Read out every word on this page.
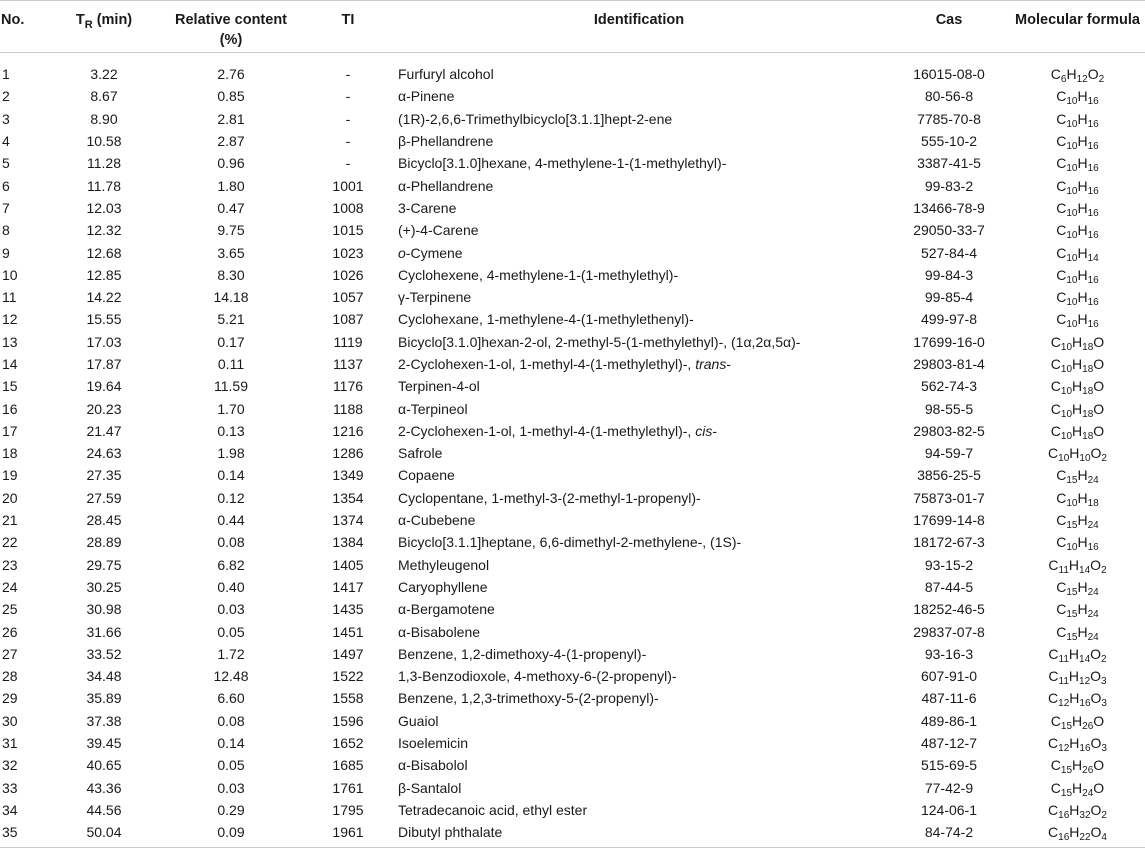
No.	$T_R$ (min)	Relative content
(%)	TI	Identification	Cas	Molecular formula
1	3.22	2.76	-	Furfuryl alcohol	16015-08-0	$C_6H_{12}O_2$
2	8.67	0.85	-	α-Pinene	80-56-8	$C_{10}H_{16}$
3	8.90	2.81	-	(1R)-2,6,6-Trimethylbicyclo[3.1.1]hept-2-ene	7785-70-8	$C_{10}H_{16}$
4	10.58	2.87	-	β-Phellandrene	555-10-2	$C_{10}H_{16}$
5	11.28	0.96	-	Bicyclo[3.1.0]hexane, 4-methylene-1-(1-methylethyl)-	3387-41-5	$C_{10}H_{16}$
6	11.78	1.80	1001	α-Phellandrene	99-83-2	$C_{10}H_{16}$
7	12.03	0.47	1008	3-Carene	13466-78-9	$C_{10}H_{16}$
8	12.32	9.75	1015	(+)-4-Carene	29050-33-7	$C_{10}H_{16}$
9	12.68	3.65	1023	o-Cymene	527-84-4	$C_{10}H_{14}$
10	12.85	8.30	1026	Cyclohexene, 4-methylene-1-(1-methylethyl)-	99-84-3	$C_{10}H_{16}$
11	14.22	14.18	1057	γ-Terpinene	99-85-4	$C_{10}H_{16}$
12	15.55	5.21	1087	Cyclohexane, 1-methylene-4-(1-methylethenyl)-	499-97-8	$C_{10}H_{16}$
13	17.03	0.17	1119	Bicyclo[3.1.0]hexan-2-ol, 2-methyl-5-(1-methylethyl)-, (1α,2α,5α)-	17699-16-0	$C_{10}H_{18}O$
14	17.87	0.11	1137	2-Cyclohexen-1-ol, 1-methyl-4-(1-methylethyl)-, trans-	29803-81-4	$C_{10}H_{18}O$
15	19.64	11.59	1176	Terpinen-4-ol	562-74-3	$C_{10}H_{18}O$
16	20.23	1.70	1188	α-Terpineol	98-55-5	$C_{10}H_{18}O$
17	21.47	0.13	1216	2-Cyclohexen-1-ol, 1-methyl-4-(1-methylethyl)-, cis-	29803-82-5	$C_{10}H_{18}O$
18	24.63	1.98	1286	Safrole	94-59-7	$C_{10}H_{10}O_2$
19	27.35	0.14	1349	Copaene	3856-25-5	$C_{15}H_{24}$
20	27.59	0.12	1354	Cyclopentane, 1-methyl-3-(2-methyl-1-propenyl)-	75873-01-7	$C_{10}H_{18}$
21	28.45	0.44	1374	α-Cubebene	17699-14-8	$C_{15}H_{24}$
22	28.89	0.08	1384	Bicyclo[3.1.1]heptane, 6,6-dimethyl-2-methylene-, (1S)-	18172-67-3	$C_{10}H_{16}$
23	29.75	6.82	1405	Methyleugenol	93-15-2	$C_{11}H_{14}O_2$
24	30.25	0.40	1417	Caryophyllene	87-44-5	$C_{15}H_{24}$
25	30.98	0.03	1435	α-Bergamotene	18252-46-5	$C_{15}H_{24}$
26	31.66	0.05	1451	α-Bisabolene	29837-07-8	$C_{15}H_{24}$
27	33.52	1.72	1497	Benzene, 1,2-dimethoxy-4-(1-propenyl)-	93-16-3	$C_{11}H_{14}O_2$
28	34.48	12.48	1522	1,3-Benzodioxole, 4-methoxy-6-(2-propenyl)-	607-91-0	$C_{11}H_{12}O_3$
29	35.89	6.60	1558	Benzene, 1,2,3-trimethoxy-5-(2-propenyl)-	487-11-6	$C_{12}H_{16}O_3$
30	37.38	0.08	1596	Guaiol	489-86-1	$C_{15}H_{26}O$
31	39.45	0.14	1652	Isoelemicin	487-12-7	$C_{12}H_{16}O_3$
32	40.65	0.05	1685	α-Bisabolol	515-69-5	$C_{15}H_{26}O$
33	43.36	0.03	1761	β-Santalol	77-42-9	$C_{15}H_{24}O$
34	44.56	0.29	1795	Tetradecanoic acid, ethyl ester	124-06-1	$C_{16}H_{32}O_2$
35	50.04	0.09	1961	Dibutyl phthalate	84-74-2	$C_{16}H_{22}O_4$
